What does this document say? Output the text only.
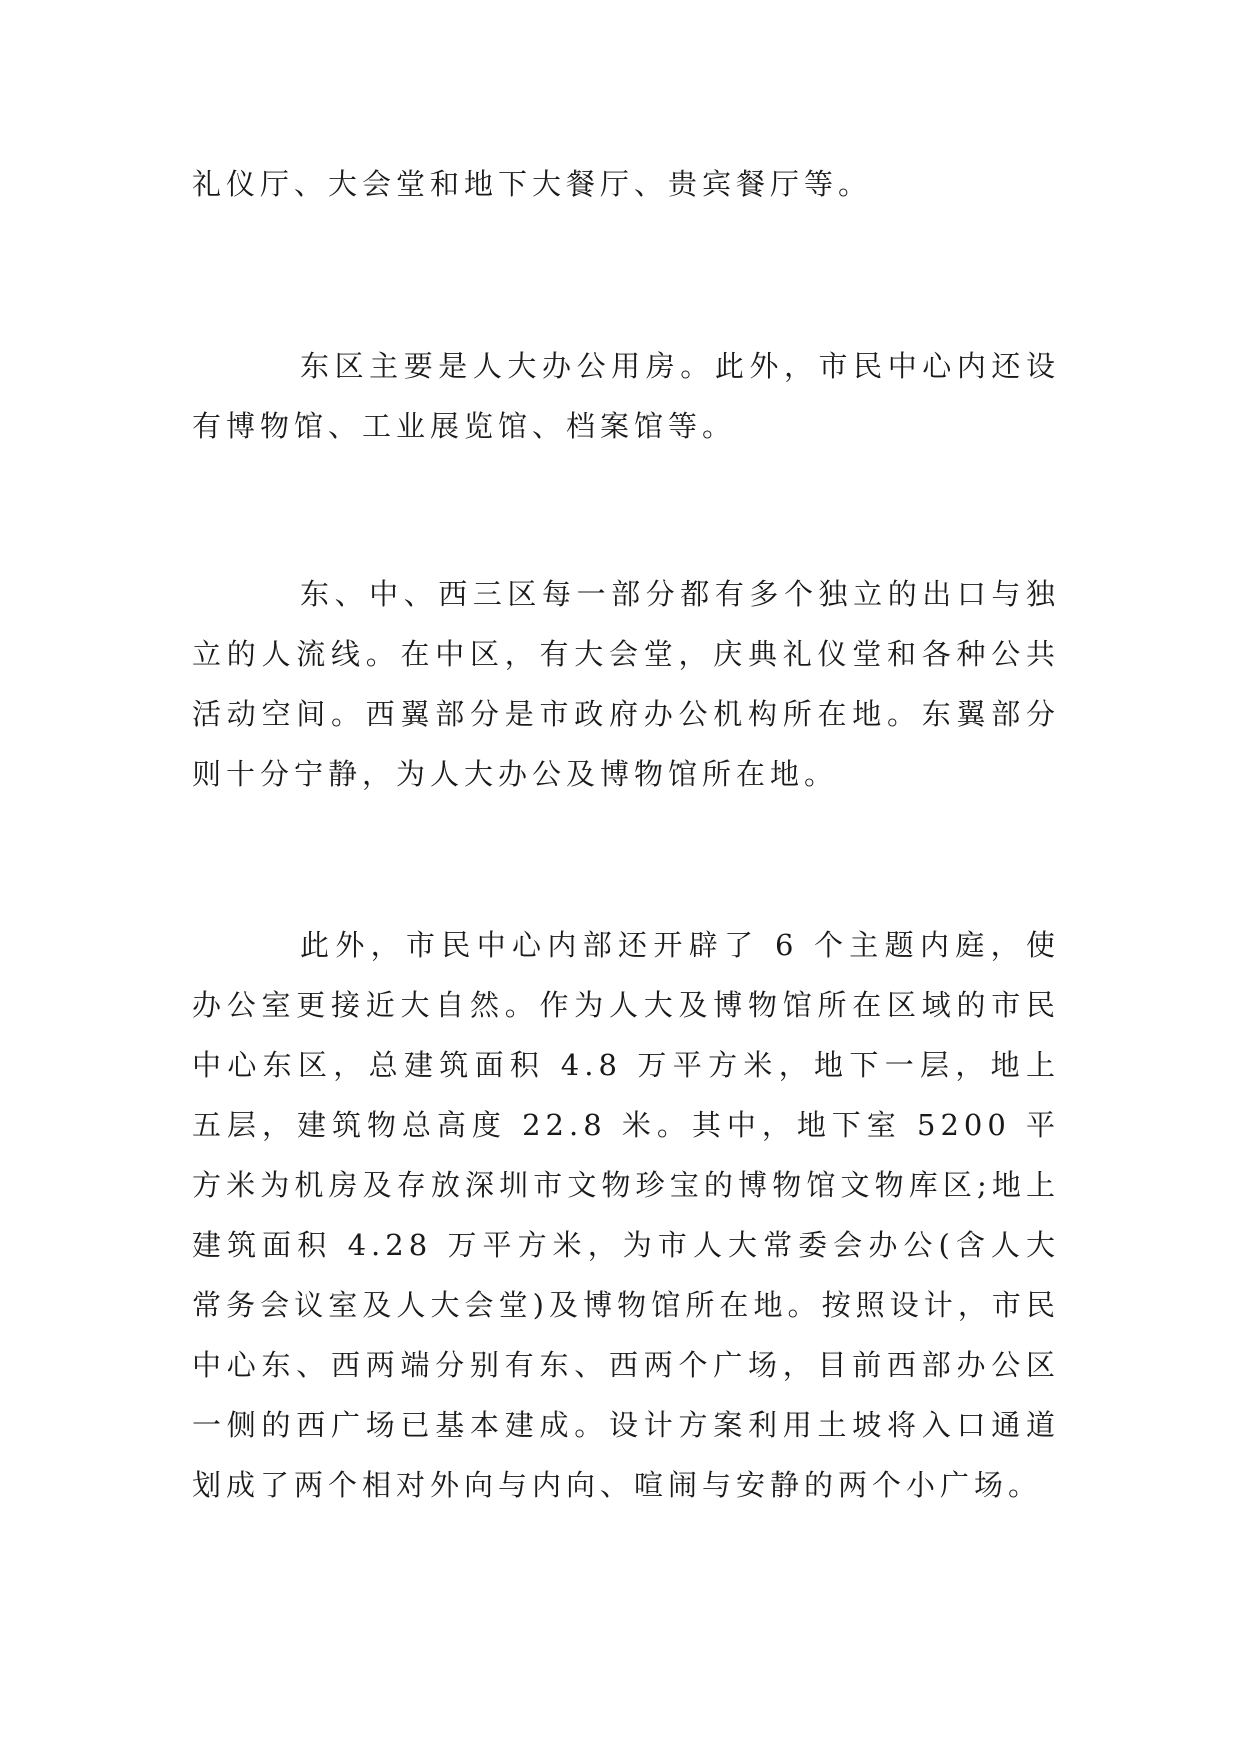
礼仪厅、大会堂和地下大餐厅、贵宾餐厅等。

东区主要是人大办公用房。此外，市民中心内还设有博物馆、工业展览馆、档案馆等。

东、中、西三区每一部分都有多个独立的出口与独立的人流线。在中区，有大会堂，庆典礼仪堂和各种公共活动空间。西翼部分是市政府办公机构所在地。东翼部分则十分宁静，为人大办公及博物馆所在地。

此外，市民中心内部还开辟了 6 个主题内庭，使办公室更接近大自然。作为人大及博物馆所在区域的市民中心东区，总建筑面积 4.8 万平方米，地下一层，地上五层，建筑物总高度 22.8 米。其中，地下室 5200 平方米为机房及存放深圳市文物珍宝的博物馆文物库区;地上建筑面积 4.28 万平方米，为市人大常委会办公(含人大常务会议室及人大会堂)及博物馆所在地。按照设计，市民中心东、西两端分别有东、西两个广场，目前西部办公区一侧的西广场已基本建成。设计方案利用土坡将入口通道划成了两个相对外向与内向、喧闹与安静的两个小广场。
